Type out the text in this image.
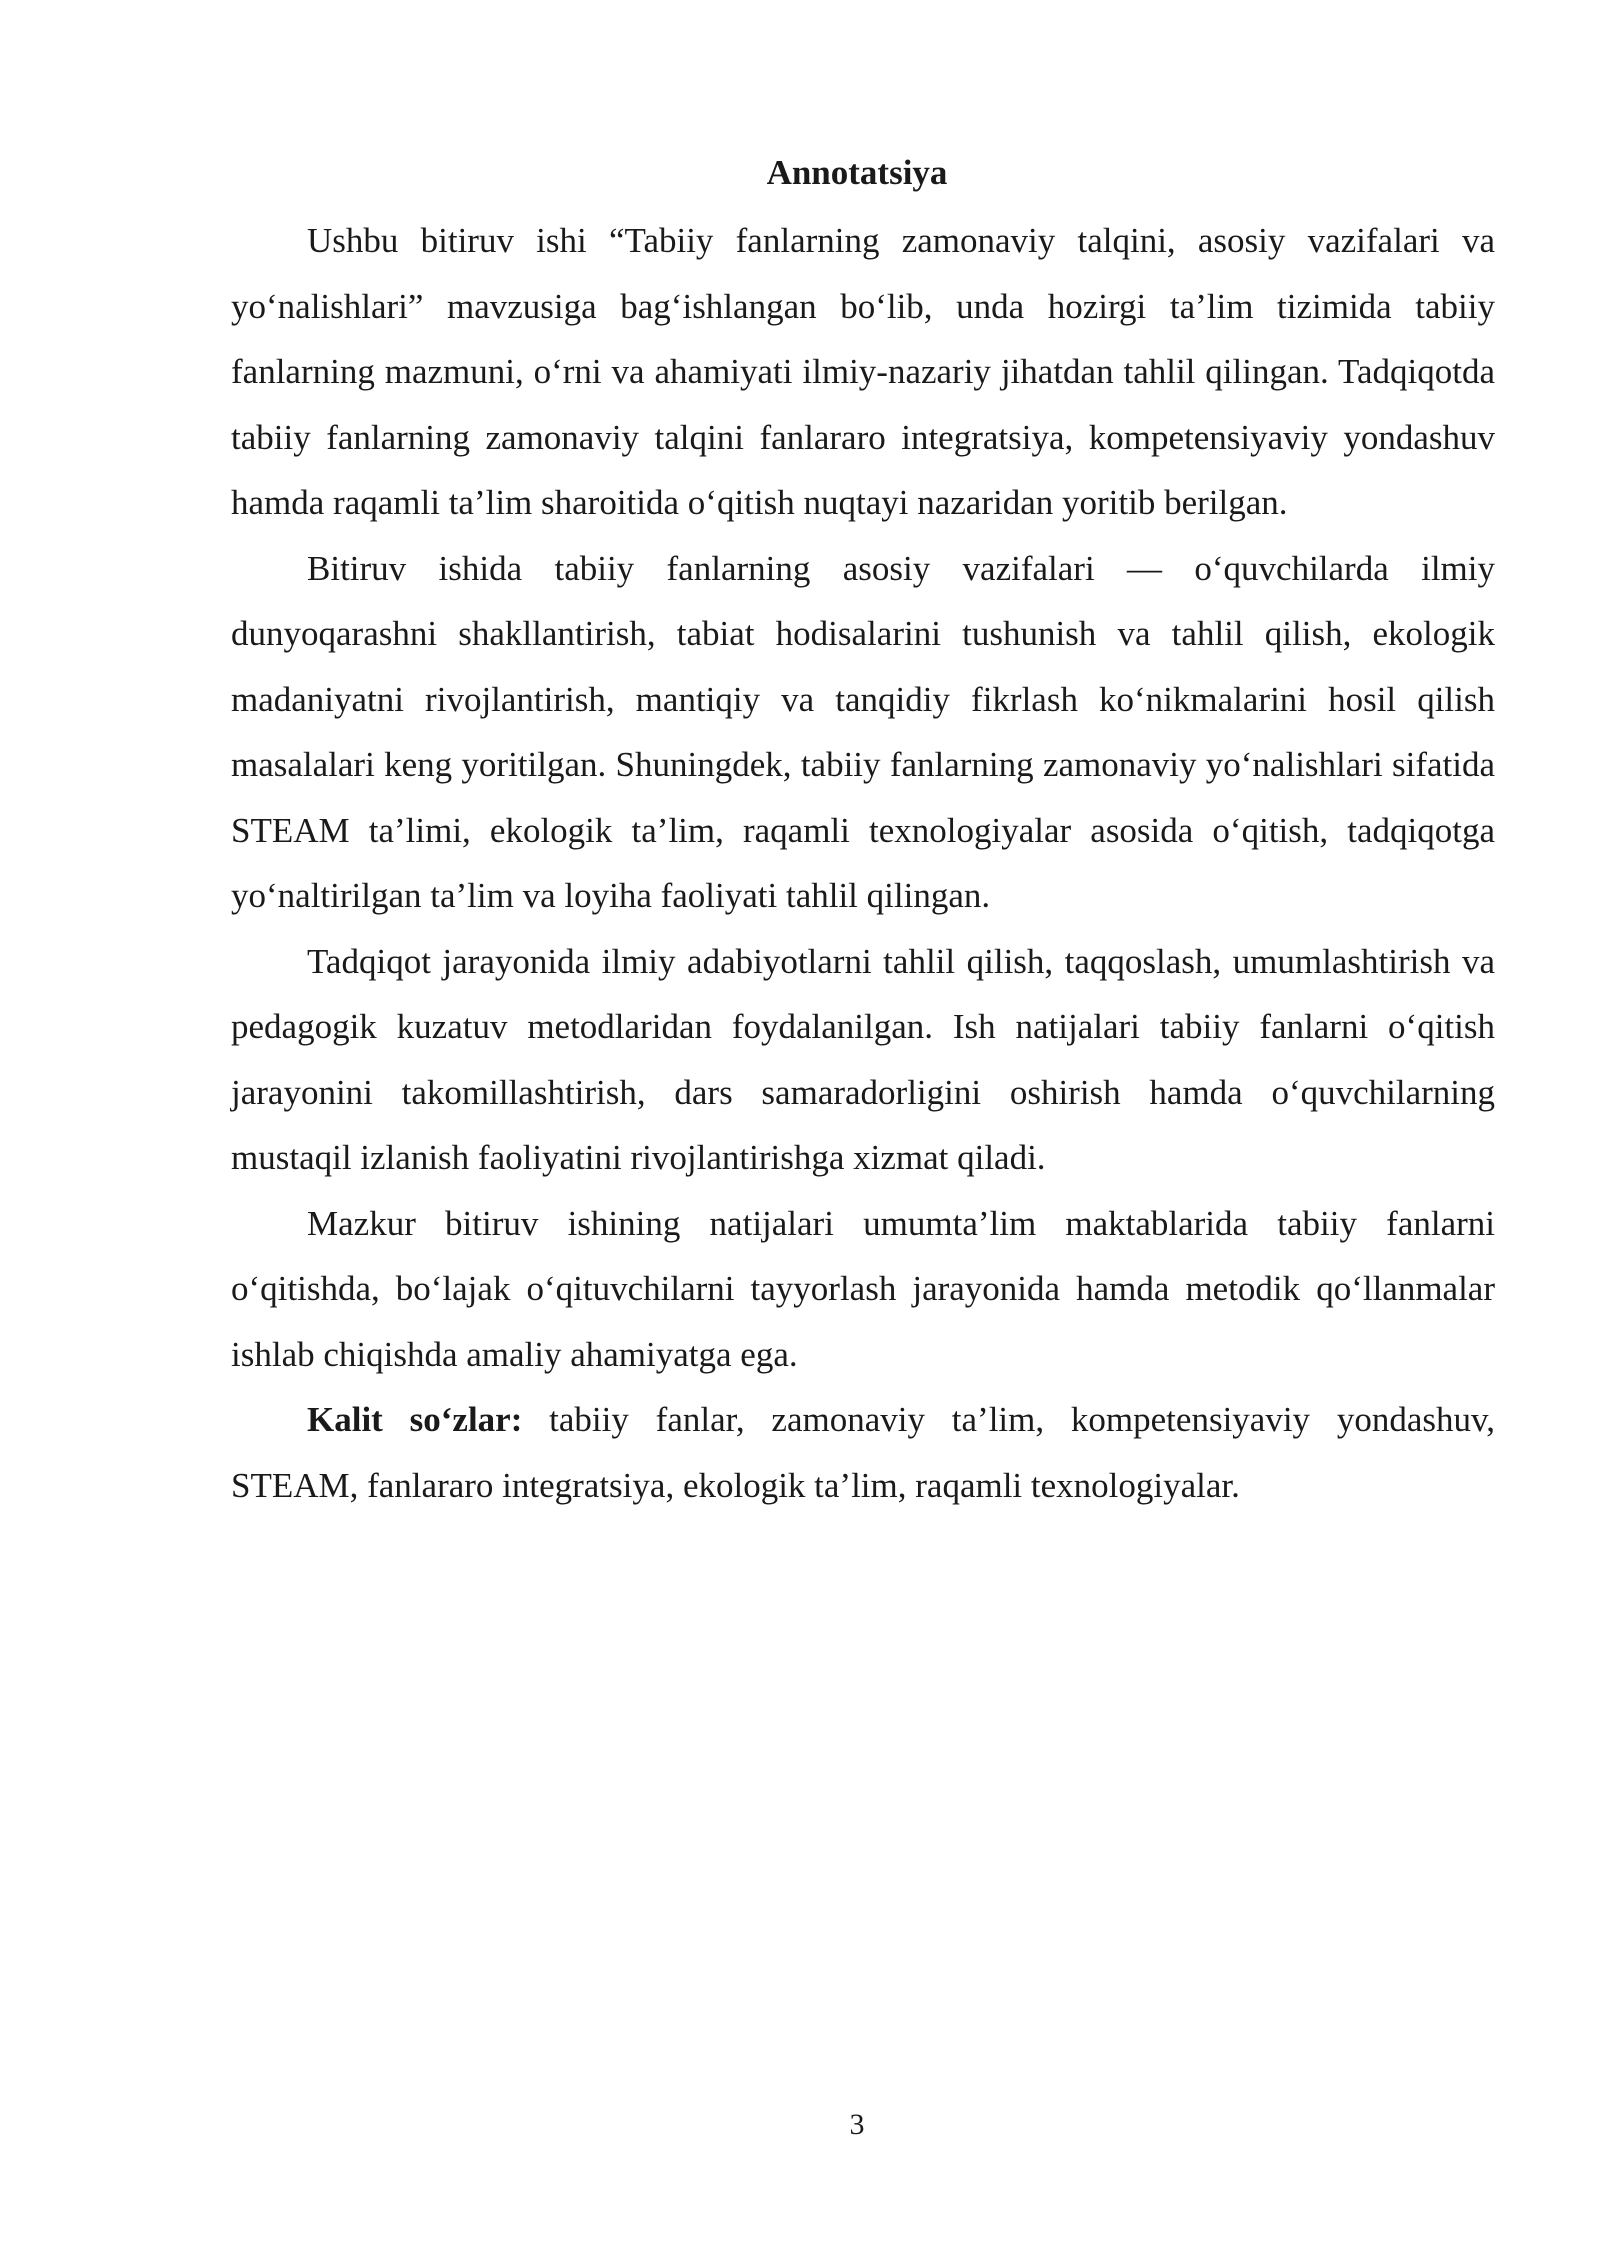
Annotatsiya

Ushbu bitiruv ishi “Tabiiy fanlarning zamonaviy talqini, asosiy vazifalari va yo‘nalishlari” mavzusiga bag‘ishlangan bo‘lib, unda hozirgi ta’lim tizimida tabiiy fanlarning mazmuni, o‘rni va ahamiyati ilmiy-nazariy jihatdan tahlil qilingan. Tadqiqotda tabiiy fanlarning zamonaviy talqini fanlararo integratsiya, kompetensiyaviy yondashuv hamda raqamli ta’lim sharoitida o‘qitish nuqtayi nazaridan yoritib berilgan.

Bitiruv ishida tabiiy fanlarning asosiy vazifalari — o‘quvchilarda ilmiy dunyoqarashni shakllantirish, tabiat hodisalarini tushunish va tahlil qilish, ekologik madaniyatni rivojlantirish, mantiqiy va tanqidiy fikrlash ko‘nikmalarini hosil qilish masalalari keng yoritilgan. Shuningdek, tabiiy fanlarning zamonaviy yo‘nalishlari sifatida STEAM ta’limi, ekologik ta’lim, raqamli texnologiyalar asosida o‘qitish, tadqiqotga yo‘naltirilgan ta’lim va loyiha faoliyati tahlil qilingan.

Tadqiqot jarayonida ilmiy adabiyotlarni tahlil qilish, taqqoslash, umumlashtirish va pedagogik kuzatuv metodlaridan foydalanilgan. Ish natijalari tabiiy fanlarni o‘qitish jarayonini takomillashtirish, dars samaradorligini oshirish hamda o‘quvchilarning mustaqil izlanish faoliyatini rivojlantirishga xizmat qiladi.

Mazkur bitiruv ishining natijalari umumta’lim maktablarida tabiiy fanlarni o‘qitishda, bo‘lajak o‘qituvchilarni tayyorlash jarayonida hamda metodik qo‘llanmalar ishlab chiqishda amaliy ahamiyatga ega.

Kalit so‘zlar: tabiiy fanlar, zamonaviy ta’lim, kompetensiyaviy yondashuv, STEAM, fanlararo integratsiya, ekologik ta’lim, raqamli texnologiyalar.

3
